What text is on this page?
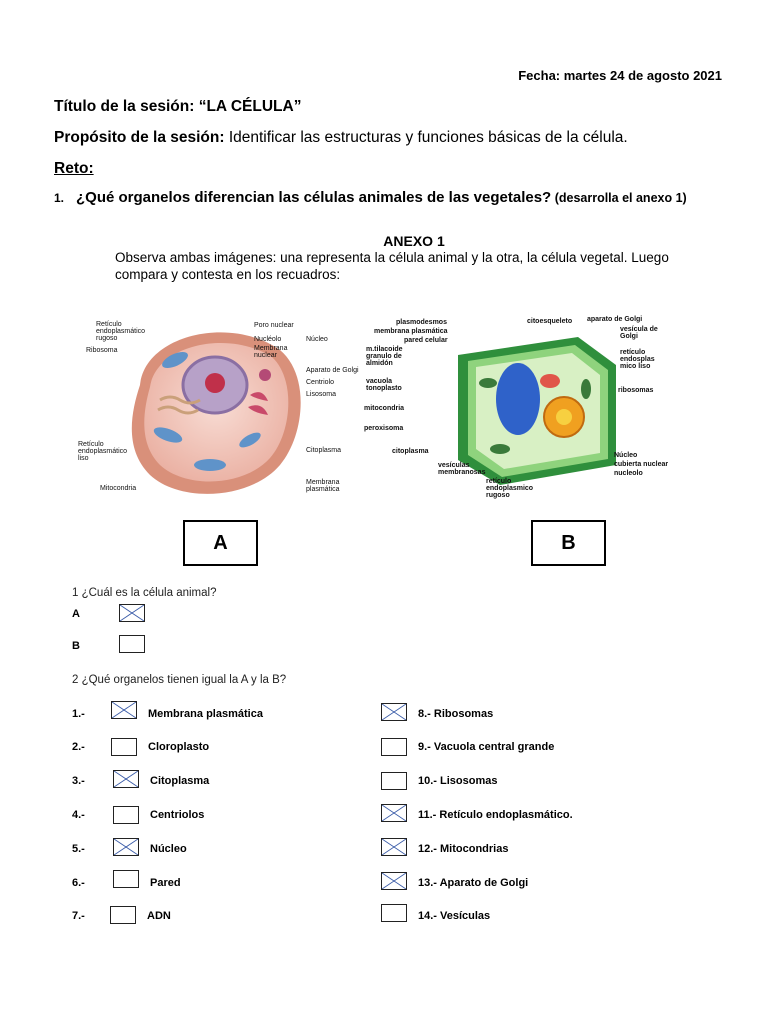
Fecha: martes 24 de agosto 2021
Título de la sesión: “LA CÉLULA”
Propósito de la sesión: Identificar las estructuras y funciones básicas de la célula.
Reto:
1. ¿Qué organelos diferencian las células animales de las vegetales? (desarrolla el anexo 1)
ANEXO 1
Observa ambas imágenes: una representa la célula animal y la otra, la célula vegetal. Luego compara y contesta en los recuadros:
Retículo
endoplasmático
rugoso
Ribosoma
Poro nuclear
Nucléolo	Núcleo
Membrana
nuclear
Aparato de Golgi
Centriolo
Lisosoma
Retículo
endoplasmático
liso
Citoplasma
Mitocondria
Membrana
plasmática
plasmodesmos
membrana plasmática
pared celular
citoesqueleto aparato de Golgi
vesícula de
Golgi
m.tilacoide
granulo de
almidón
retículo
endosplas
mico liso
vacuola
tonoplasto	ribosomas
mitocondria
peroxisoma
citoplasma
vesículas
membranosas
retículo
endoplasmico
rugoso
Núcleo
cubierta nuclear
nucleolo
A	B
1 ¿Cuál es la célula animal?
A
B
2 ¿Qué organelos tienen igual la A y la B?
1.-	Membrana plasmática
2.-	Cloroplasto
3.-	Citoplasma
4.-	Centriolos
5.-	Núcleo
6.-	Pared
7.-	ADN
8.- Ribosomas
9.- Vacuola central grande
10.- Lisosomas
11.- Retículo endoplasmático.
12.- Mitocondrias
13.- Aparato de Golgi
14.- Vesículas
